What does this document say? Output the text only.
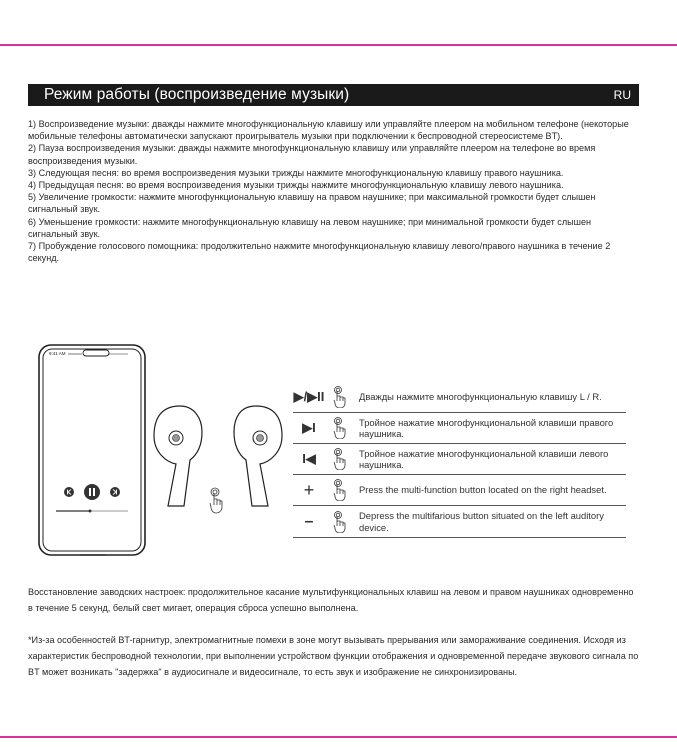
Режим работы (воспроизведение музыки)	RU

1) Воспроизведение музыки: дважды нажмите многофункциональную клавишу или управляйте плеером на мобильном телефоне (некоторые мобильные телефоны автоматически запускают проигрыватель музыки при подключении к беспроводной стереосистеме BT).

2) Пауза воспроизведения музыки: дважды нажмите многофункциональную клавишу или управляйте плеером на телефоне во время воспроизведения музыки.

3) Следующая песня: во время воспроизведения музыки трижды нажмите многофункциональную клавишу правого наушника.

4) Предыдущая песня: во время воспроизведения музыки трижды нажмите многофункциональную клавишу левого наушника.

5) Увеличение громкости: нажмите многофункциональную клавишу на правом наушнике; при максимальной громкости будет слышен сигнальный звук.

6) Уменьшение громкости: нажмите многофункциональную клавишу на левом наушнике; при минимальной громкости будет слышен сигнальный звук.

7) Пробуждение голосового помощника: продолжительно нажмите многофункциональную клавишу левого/правого наушника в течение 2 секунд.

9:41 AM
▶/▶II	Дважды нажмите многофункциональную клавишу L / R.
▶I	Тройное нажатие многофункциональной клавиши правого наушника.
I◀	Тройное нажатие многофункциональной клавиши левого наушника.
+	Press the multi-function button located on the right headset.
–	Depress the multifarious button situated on the left auditory device.

Восстановление заводских настроек: продолжительное касание мультифункциональных клавиш на левом и правом наушниках одновременно в течение 5 секунд, белый свет мигает, операция сброса успешно выполнена.

*Из-за особенностей BT-гарнитур, электромагнитные помехи в зоне могут вызывать прерывания или замораживание соединения. Исходя из характеристик беспроводной технологии, при выполнении устройством функции отображения и одновременной передаче звукового сигнала по BT может возникать "задержка" в аудиосигнале и видеосигнале, то есть звук и изображение не синхронизированы.
